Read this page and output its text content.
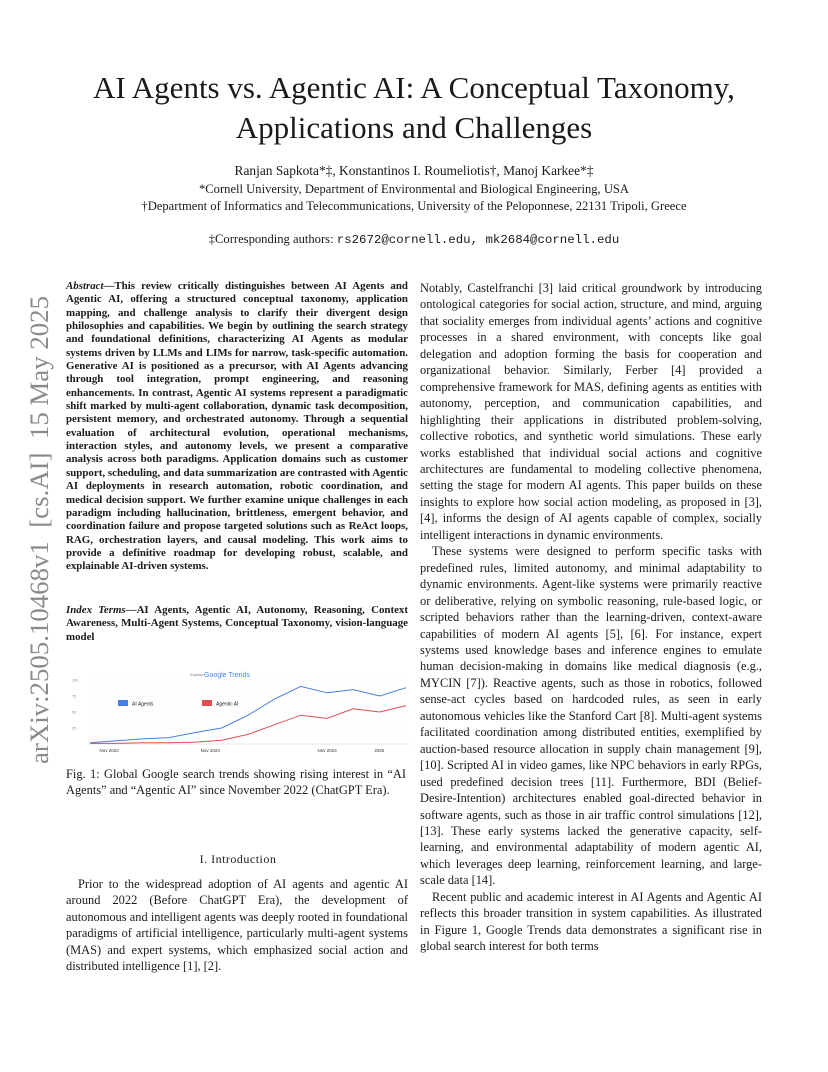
arXiv:2505.10468v1  [cs.AI]  15 May 2025
AI Agents vs. Agentic AI: A Conceptual Taxonomy, Applications and Challenges
Ranjan Sapkota*‡, Konstantinos I. Roumeliotis†, Manoj Karkee*‡
*Cornell University, Department of Environmental and Biological Engineering, USA
†Department of Informatics and Telecommunications, University of the Peloponnese, 22131 Tripoli, Greece
‡Corresponding authors: rs2672@cornell.edu, mk2684@cornell.edu
Abstract—This review critically distinguishes between AI Agents and Agentic AI, offering a structured conceptual taxonomy, application mapping, and challenge analysis to clarify their divergent design philosophies and capabilities. We begin by outlining the search strategy and foundational definitions, characterizing AI Agents as modular systems driven by LLMs and LIMs for narrow, task-specific automation. Generative AI is positioned as a precursor, with AI Agents advancing through tool integration, prompt engineering, and reasoning enhancements. In contrast, Agentic AI systems represent a paradigmatic shift marked by multi-agent collaboration, dynamic task decomposition, persistent memory, and orchestrated autonomy. Through a sequential evaluation of architectural evolution, operational mechanisms, interaction styles, and autonomy levels, we present a comparative analysis across both paradigms. Application domains such as customer support, scheduling, and data summarization are contrasted with Agentic AI deployments in research automation, robotic coordination, and medical decision support. We further examine unique challenges in each paradigm including hallucination, brittleness, emergent behavior, and coordination failure and propose targeted solutions such as ReAct loops, RAG, orchestration layers, and causal modeling. This work aims to provide a definitive roadmap for developing robust, scalable, and explainable AI-driven systems.
Index Terms—AI Agents, Agentic AI, Autonomy, Reasoning, Context Awareness, Multi-Agent Systems, Conceptual Taxonomy, vision-language model
Explore Google Trends
100
75
50
25
AI Agents	Agentic AI
Nov 2022	Nov 2023	Nov 2024	2025
Fig. 1: Global Google search trends showing rising interest in “AI Agents” and “Agentic AI” since November 2022 (ChatGPT Era).
I. Introduction

Prior to the widespread adoption of AI agents and agentic AI around 2022 (Before ChatGPT Era), the development of autonomous and intelligent agents was deeply rooted in foundational paradigms of artificial intelligence, particularly multi-agent systems (MAS) and expert systems, which emphasized social action and distributed intelligence [1], [2].

Notably, Castelfranchi [3] laid critical groundwork by introducing ontological categories for social action, structure, and mind, arguing that sociality emerges from individual agents’ actions and cognitive processes in a shared environment, with concepts like goal delegation and adoption forming the basis for cooperation and organizational behavior. Similarly, Ferber [4] provided a comprehensive framework for MAS, defining agents as entities with autonomy, perception, and communication capabilities, and highlighting their applications in distributed problem-solving, collective robotics, and synthetic world simulations. These early works established that individual social actions and cognitive architectures are fundamental to modeling collective phenomena, setting the stage for modern AI agents. This paper builds on these insights to explore how social action modeling, as proposed in [3], [4], informs the design of AI agents capable of complex, socially intelligent interactions in dynamic environments.

These systems were designed to perform specific tasks with predefined rules, limited autonomy, and minimal adaptability to dynamic environments. Agent-like systems were primarily reactive or deliberative, relying on symbolic reasoning, rule-based logic, or scripted behaviors rather than the learning-driven, context-aware capabilities of modern AI agents [5], [6]. For instance, expert systems used knowledge bases and inference engines to emulate human decision-making in domains like medical diagnosis (e.g., MYCIN [7]). Reactive agents, such as those in robotics, followed sense-act cycles based on hardcoded rules, as seen in early autonomous vehicles like the Stanford Cart [8]. Multi-agent systems facilitated coordination among distributed entities, exemplified by auction-based resource allocation in supply chain management [9], [10]. Scripted AI in video games, like NPC behaviors in early RPGs, used predefined decision trees [11]. Furthermore, BDI (Belief-Desire-Intention) architectures enabled goal-directed behavior in software agents, such as those in air traffic control simulations [12], [13]. These early systems lacked the generative capacity, self-learning, and environmental adaptability of modern agentic AI, which leverages deep learning, reinforcement learning, and large-scale data [14].

Recent public and academic interest in AI Agents and Agentic AI reflects this broader transition in system capabilities. As illustrated in Figure 1, Google Trends data demonstrates a significant rise in global search interest for both terms
